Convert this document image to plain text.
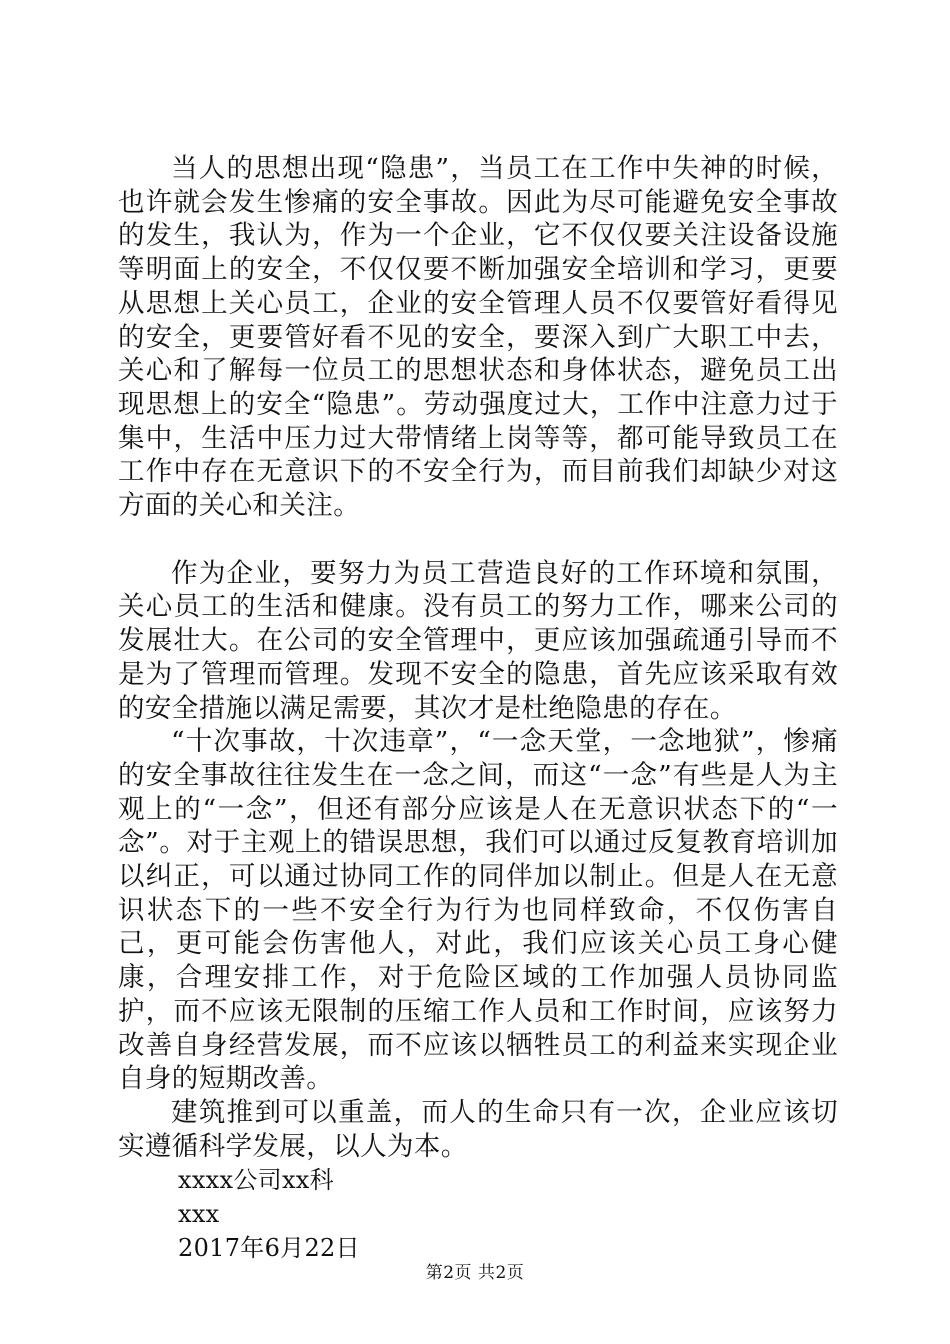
当人的思想出现“隐患”，当员工在工作中失神的时候，也许就会发生惨痛的安全事故。因此为尽可能避免安全事故的发生，我认为，作为一个企业，它不仅仅要关注设备设施等明面上的安全，不仅仅要不断加强安全培训和学习，更要从思想上关心员工，企业的安全管理人员不仅要管好看得见的安全，更要管好看不见的安全，要深入到广大职工中去，关心和了解每一位员工的思想状态和身体状态，避免员工出现思想上的安全“隐患”。劳动强度过大，工作中注意力过于集中，生活中压力过大带情绪上岗等等，都可能导致员工在工作中存在无意识下的不安全行为，而目前我们却缺少对这方面的关心和关注。

作为企业，要努力为员工营造良好的工作环境和氛围，关心员工的生活和健康。没有员工的努力工作，哪来公司的发展壮大。在公司的安全管理中，更应该加强疏通引导而不是为了管理而管理。发现不安全的隐患，首先应该采取有效的安全措施以满足需要，其次才是杜绝隐患的存在。

“十次事故，十次违章”，“一念天堂，一念地狱”，惨痛的安全事故往往发生在一念之间，而这“一念”有些是人为主观上的“一念”，但还有部分应该是人在无意识状态下的“一念”。对于主观上的错误思想，我们可以通过反复教育培训加以纠正，可以通过协同工作的同伴加以制止。但是人在无意识状态下的一些不安全行为行为也同样致命，不仅伤害自己，更可能会伤害他人，对此，我们应该关心员工身心健康，合理安排工作，对于危险区域的工作加强人员协同监护，而不应该无限制的压缩工作人员和工作时间，应该努力改善自身经营发展，而不应该以牺牲员工的利益来实现企业自身的短期改善。

建筑推到可以重盖，而人的生命只有一次，企业应该切实遵循科学发展，以人为本。

xxxx公司xx科

xxx

2017年6月22日

第2页 共2页
